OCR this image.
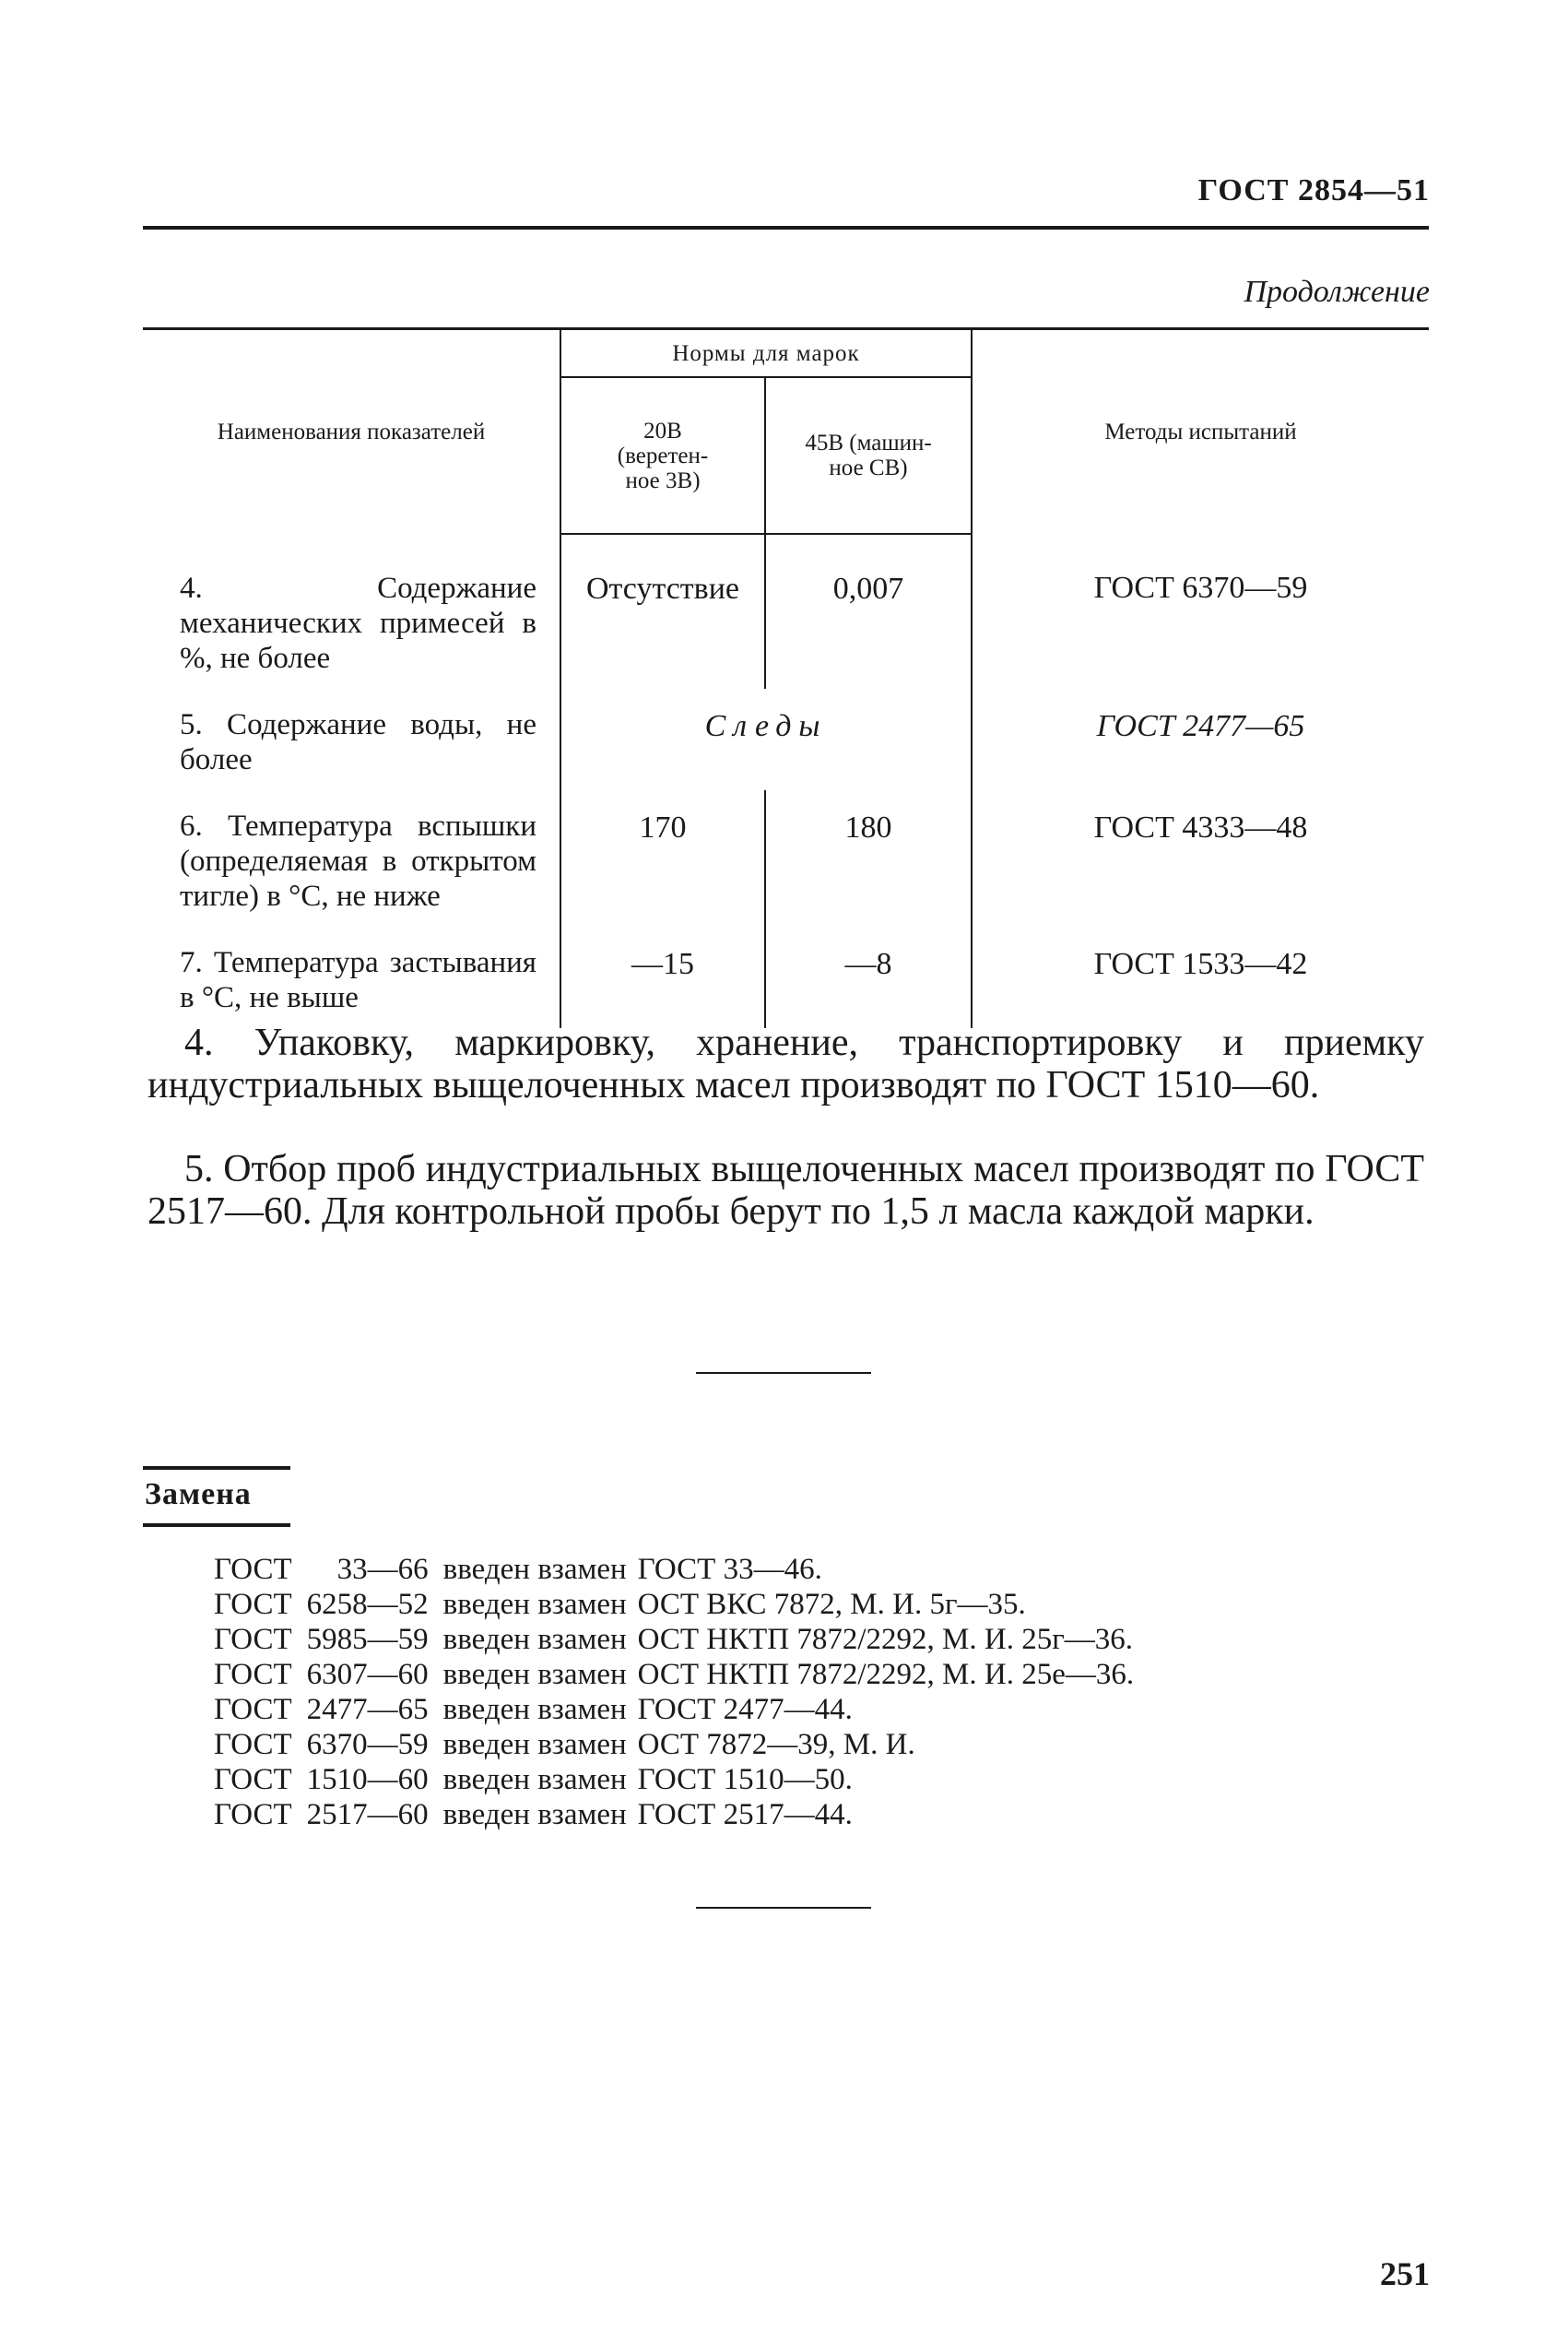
ГОСТ 2854—51
Продолжение
Наименования показателей	Нормы для марок		Методы испытаний

	20В (веретен- ное 3В)	45В (машин- ное СВ)	

4. Содержание механических примесей в %, не более	Отсутствие	0,007	ГОСТ 6370—59
5. Содержание воды, не более	Следы		ГОСТ 2477—65
6. Температура вспышки (определяемая в открытом тигле) в °С, не ниже	170	180	ГОСТ 4333—48
7. Температура застывания в °С, не выше	—15	—8	ГОСТ 1533—42
4. Упаковку, маркировку, хранение, транспортировку и приемку индустриальных выщелоченных масел производят по ГОСТ 1510—60.
5. Отбор проб индустриальных выщелоченных масел производят по ГОСТ 2517—60. Для контрольной пробы берут по 1,5 л масла каждой марки.
Замена
ГОСТ	33—66	введен взамен	ГОСТ 33—46.
ГОСТ	6258—52	введен взамен	ОСТ ВКС 7872, М. И. 5г—35.
ГОСТ	5985—59	введен взамен	ОСТ НКТП 7872/2292, М. И. 25г—36.
ГОСТ	6307—60	введен взамен	ОСТ НКТП 7872/2292, М. И. 25е—36.
ГОСТ	2477—65	введен взамен	ГОСТ 2477—44.
ГОСТ	6370—59	введен взамен	ОСТ 7872—39, М. И.
ГОСТ	1510—60	введен взамен	ГОСТ 1510—50.
ГОСТ	2517—60	введен взамен	ГОСТ 2517—44.
251
